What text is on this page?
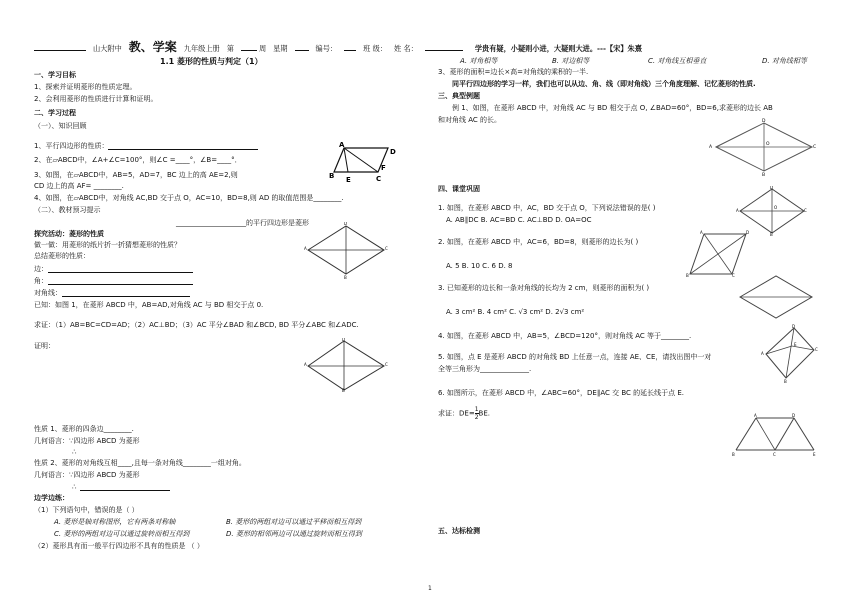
山大附中 教、学案 九年级上册 第	周 星期	编号：	班 级： 姓 名：	学贵有疑，小疑则小进，大疑则大进。---【宋】朱熹
1.1 菱形的性质与判定（1）
一、学习目标
1、探索并证明菱形的性质定理。
2、会利用菱形的性质进行计算和证明。
二、学习过程
（一）、知识回顾
1、平行四边形的性质：
2、在▱ABCD中，∠A+∠C=100°，则∠C =____°，∠B=____°．
3、如图，在▱ABCD中，AB=5，AD=7，BC 边上的高 AE=2,则
CD 边上的高 AF= ________.
4、如图，在▱ABCD中，对角线 AC,BD 交于点 O，AC=10，BD=8,则 AD 的取值范围是________.
（二）、教材预习提示
____________________的平行四边形是菱形
探究活动：菱形的性质
做一做：用菱形的纸片折一折猜想菱形的性质？
总结菱形的性质：
边：
角：
对角线：
已知：如图 1，在菱形 ABCD 中，AB=AD,对角线 AC 与 BD 相交于点 0.
求证：（1）AB=BC=CD=AD；（2）AC⊥BD；（3）AC 平分∠BAD 和∠BCD, BD 平分∠ABC 和∠ADC.
证明：
性质 1、菱形的四条边________.
几何语言：∵四边形 ABCD 为菱形
∴
性质 2、菱形的对角线互相____,且每一条对角线________一组对角。
几何语言：∵四边形 ABCD 为菱形
∴
边学边练：
（1）下列语句中，错误的是（ ）
A. 菱形是轴对称图形，它有两条对称轴	B. 菱形的两组对边可以通过平移而相互得到
C. 菱形的两组对边可以通过旋转而相互得到	D. 菱形的相邻两边可以通过旋转而相互得到
（2）菱形具有而一般平行四边形不具有的性质是 （ ）
A
D
B E	C
F
D
A	C
B
D
A	C
B
A. 对角相等	B. 对边相等	C. 对角线互相垂直	D. 对角线相等
3、菱形的面积=边长×高=对角线的乘积的一半.
同平行四边形的学习一样，我们也可以从边、角、线（即对角线）三个角度理解、记忆菱形的性质.
三、典型例题
例 1、如图，在菱形 ABCD 中，对角线 AC 与 BD 相交于点 O, ∠BAD=60°，BD=6,求菱形的边长 AB
和对角线 AC 的长。	D
A	C
B
O
四、课堂巩固
1. 如图，在菱形 ABCD 中，AC，BD 交于点 O，下列说法错误的是( )
A. AB∥DC B. AC=BD C. AC⊥BD D. OA=OC
2. 如图，在菱形 ABCD 中，AC=6，BD=8，则菱形的边长为( )
A. 5 B. 10 C. 6 D. 8
3. 已知菱形的边长和一条对角线的长均为 2 cm，则菱形的面积为( )
A. 3 cm² B. 4 cm² C. √3 cm² D. 2√3 cm²
4. 如图，在菱形 ABCD 中，AB=5，∠BCD=120°，则对角线 AC 等于________.
5. 如图，点 E 是菱形 ABCD 的对角线 BD 上任意一点，连接 AE、CE，请找出图中一对
全等三角形为______________.
6. 如图所示，在菱形 ABCD 中，∠ABC=60°，DE∥AC 交 BC 的延长线于点 E.
求证：$DE= \frac{1}{2}$ BE.
五、达标检测
D
A	C
B
O
A	D
B	C
D
A
C
B
E
A	D
B	C	E
1
